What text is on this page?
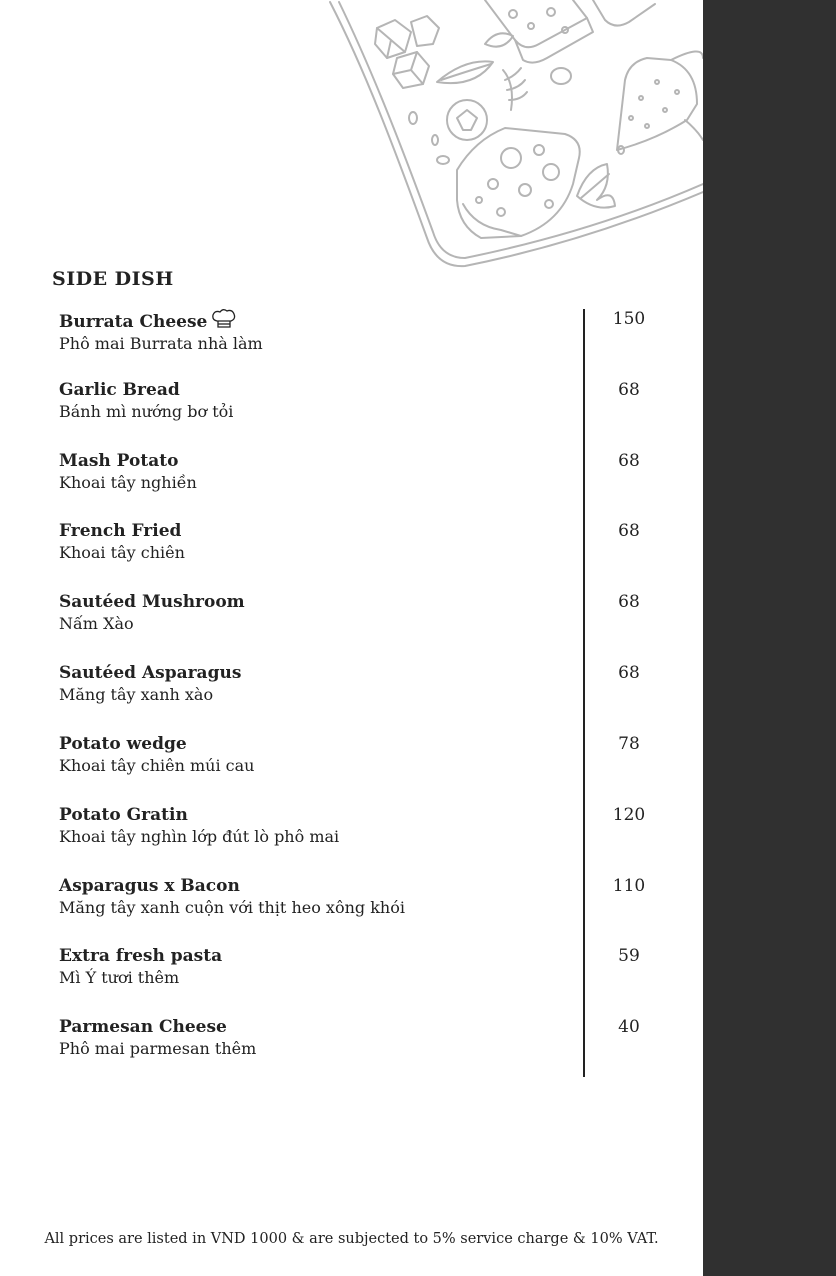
SIDE DISH
Burrata Cheese
Phô mai Burrata nhà làm
150
Garlic Bread
Bánh mì nướng bơ tỏi
68
Mash Potato
Khoai tây nghiền
68
French Fried
Khoai tây chiên
68
Sautéed Mushroom
Nấm Xào
68
Sautéed Asparagus
Măng tây xanh xào
68
Potato wedge
Khoai tây chiên múi cau
78
Potato Gratin
Khoai tây nghìn lớp đút lò phô mai
120
Asparagus x Bacon
Măng tây xanh cuộn với thịt heo xông khói
110
Extra fresh pasta
Mì Ý tươi thêm
59
Parmesan Cheese
Phô mai parmesan thêm
40
All prices are listed in VND 1000 & are subjected to 5% service charge & 10% VAT.
